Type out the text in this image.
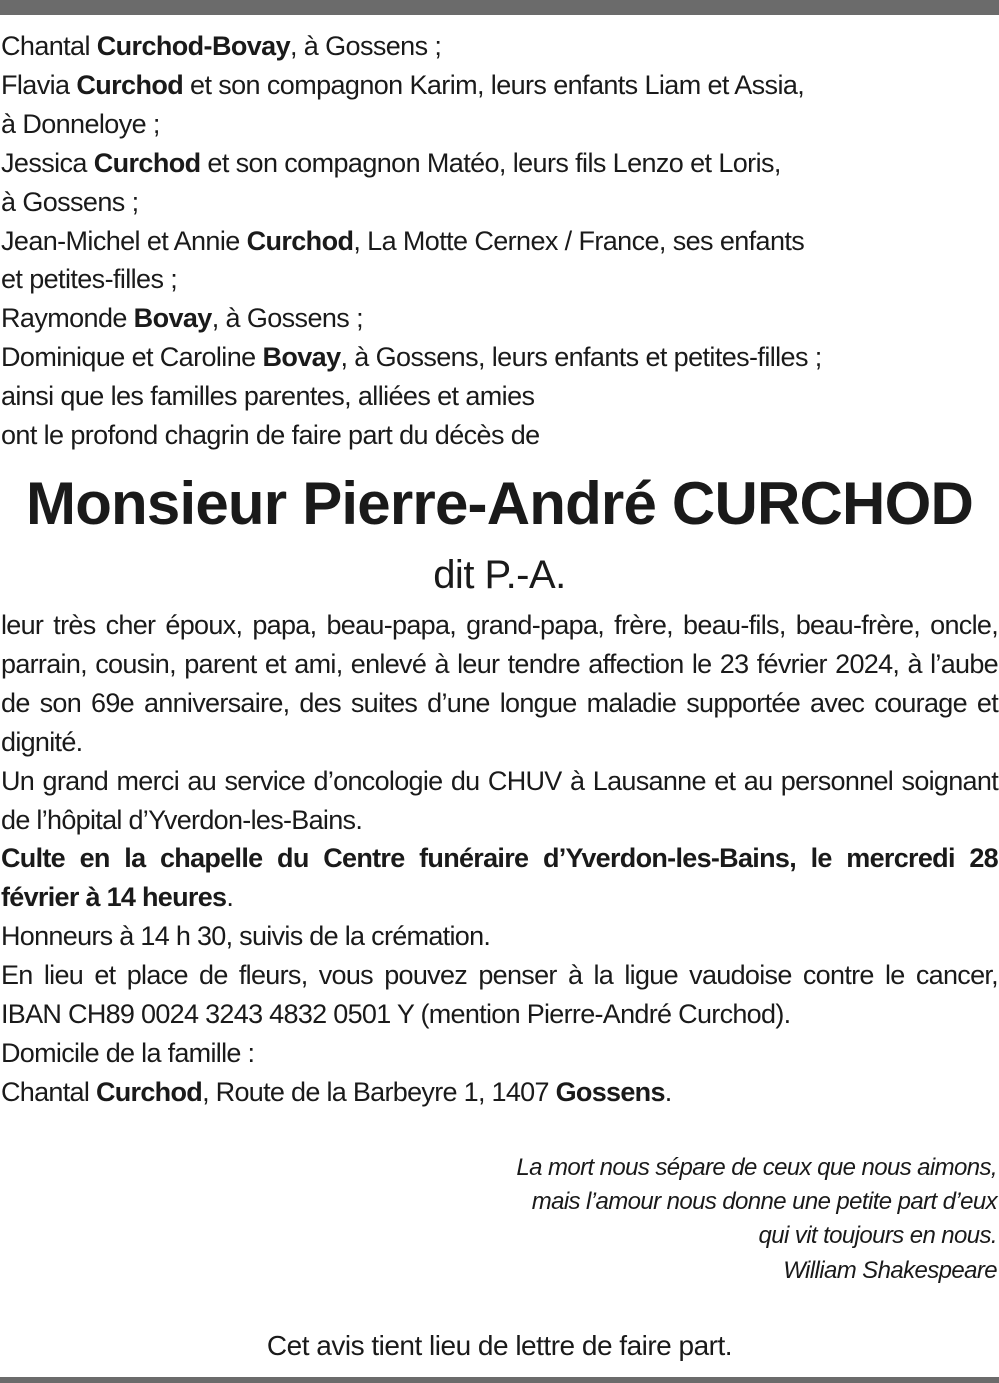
Chantal Curchod-Bovay, à Gossens ;
Flavia Curchod et son compagnon Karim, leurs enfants Liam et Assia,
à Donneloye ;
Jessica Curchod et son compagnon Matéo, leurs fils Lenzo et Loris,
à Gossens ;
Jean-Michel et Annie Curchod, La Motte Cernex / France, ses enfants
et petites-filles ;
Raymonde Bovay, à Gossens ;
Dominique et Caroline Bovay, à Gossens, leurs enfants et petites-filles ;
ainsi que les familles parentes, alliées et amies
ont le profond chagrin de faire part du décès de
Monsieur Pierre-André CURCHOD
dit P.-A.

leur très cher époux, papa, beau-papa, grand-papa, frère, beau-fils, beau-frère, oncle, parrain, cousin, parent et ami, enlevé à leur tendre affection le 23 février 2024, à l’aube de son 69e anniversaire, des suites d’une longue maladie supportée avec courage et dignité.

Un grand merci au service d’oncologie du CHUV à Lausanne et au personnel soignant de l’hôpital d’Yverdon-les-Bains.

Culte en la chapelle du Centre funéraire d’Yverdon-les-Bains, le mercredi 28 février à 14 heures.

Honneurs à 14 h 30, suivis de la crémation.

En lieu et place de fleurs, vous pouvez penser à la ligue vaudoise contre le cancer, IBAN CH89 0024 3243 4832 0501 Y (mention Pierre-André Curchod).

Domicile de la famille :

Chantal Curchod, Route de la Barbeyre 1, 1407 Gossens.

La mort nous sépare de ceux que nous aimons,
mais l’amour nous donne une petite part d’eux
qui vit toujours en nous.
William Shakespeare
Cet avis tient lieu de lettre de faire part.
